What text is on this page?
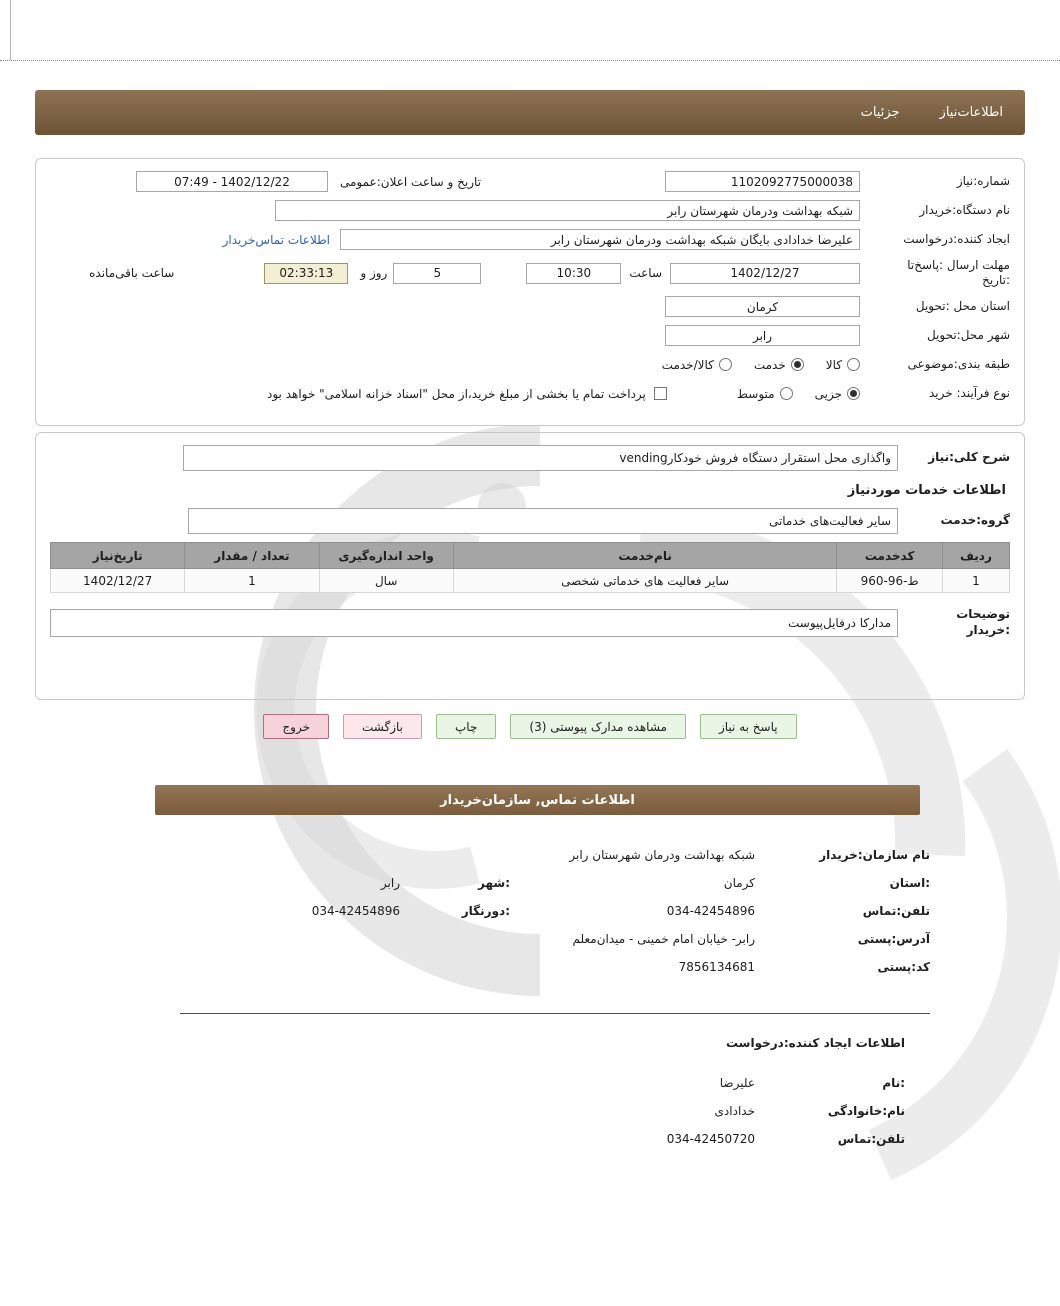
اطلاعات‌نیاز
جزئیات
شماره:نیاز
1102092775000038
تاریخ و ساعت اعلان:عمومی
07:49 - 1402/12/22
نام دستگاه:خریدار
شبکه بهداشت ودرمان شهرستان رابر
ایجاد کننده:درخواست
علیرضا خدادادی بایگان شبکه بهداشت ودرمان شهرستان رابر
اطلاعات تماس‌خریدار
مهلت ارسال :پاسخ‌تا
:تاریخ
1402/12/27
ساعت
10:30
5
روز و
02:33:13
ساعت باقی‌مانده
استان محل :تحویل
کرمان
شهر محل:تحویل
رابر
طبقه بندی:موضوعی
کالا
خدمت
کالا/خدمت
نوع فرآیند: خرید
جزیی
متوسط
پرداخت تمام یا بخشی از مبلغ خرید،از محل "اسناد خزانه اسلامی" خواهد بود
شرح کلی:نیاز
واگذاری محل استقرار دستگاه فروش خودکارvending
اطلاعات خدمات موردنیاز
گروه:خدمت
سایر فعالیت‌های خدماتی
ردیف	کدخدمت	نام‌خدمت	واحد اندازه‌گیری	تعداد / مقدار	تاریخ‌نیاز
1	ط-96-960	سایر فعالیت های خدماتی شخصی	سال	1	1402/12/27
توضیحات
:خریدار
مدارکا درفایل‌پیوست
پاسخ به نیاز
مشاهده مدارک پیوستی (3)
چاپ
بازگشت
خروج
اطلاعات تماس, سازمان‌خریدار
نام سازمان:خریدار
شبکه بهداشت ودرمان شهرستان رابر
:استان
کرمان
:شهر
رابر
تلفن:تماس
034-42454896
:دورنگار
034-42454896
آدرس:پستی
رابر- خیابان امام خمینی - میدان‌معلم
کد:پستی
7856134681
اطلاعات ایجاد کننده:درخواست
:نام
علیرضا
نام:خانوادگی
خدادادی
تلفن:تماس
034-42450720
